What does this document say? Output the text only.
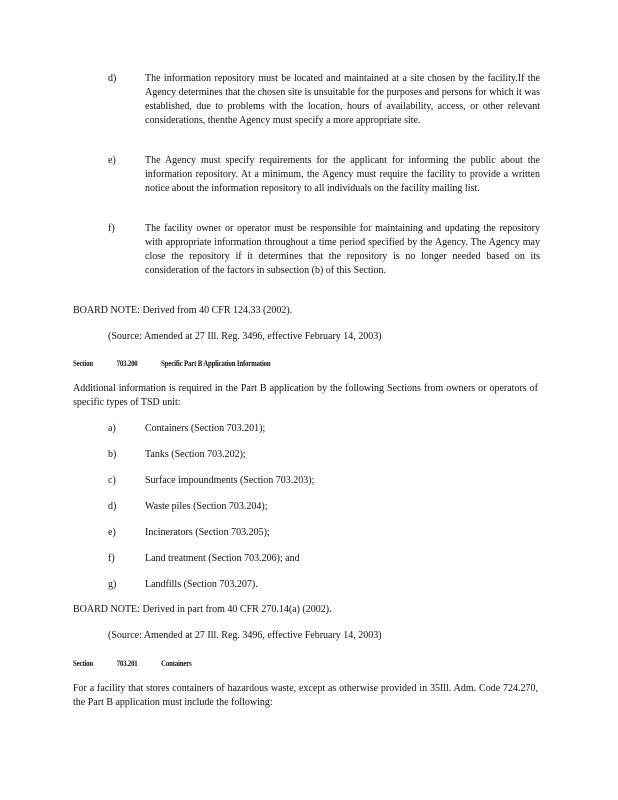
d)	The information repository must be located and maintained at a site chosen by the facility.If the Agency determines that the chosen site is unsuitable for the purposes and persons for which it was established, due to problems with the location, hours of availability, access, or other relevant considerations, thenthe Agency must specify a more appropriate site.
e)	The Agency must specify requirements for the applicant for informing the public about the information repository. At a minimum, the Agency must require the facility to provide a written notice about the information repository to all individuals on the facility mailing list.
f)	The facility owner or operator must be responsible for maintaining and updating the repository with appropriate information throughout a time period specified by the Agency. The Agency may close the repository if it determines that the repository is no longer needed based on its consideration of the factors in subsection (b) of this Section.
BOARD NOTE: Derived from 40 CFR 124.33 (2002).
(Source: Amended at 27 Ill. Reg. 3496, effective February 14, 2003)
Section	703.200	Specific Part B Application Information
Additional information is required in the Part B application by the following Sections from owners or operators of specific types of TSD unit:
a)	Containers (Section 703.201);
b)	Tanks (Section 703.202);
c)	Surface impoundments (Section 703.203);
d)	Waste piles (Section 703.204);
e)	Incinerators (Section 703.205);
f)	Land treatment (Section 703.206); and
g)	Landfills (Section 703.207).
BOARD NOTE: Derived in part from 40 CFR 270.14(a) (2002).
(Source: Amended at 27 Ill. Reg. 3496, effective February 14, 2003)
Section	703.201	Containers
For a facility that stores containers of hazardous waste, except as otherwise provided in 35Ill. Adm. Code 724.270, the Part B application must include the following:
